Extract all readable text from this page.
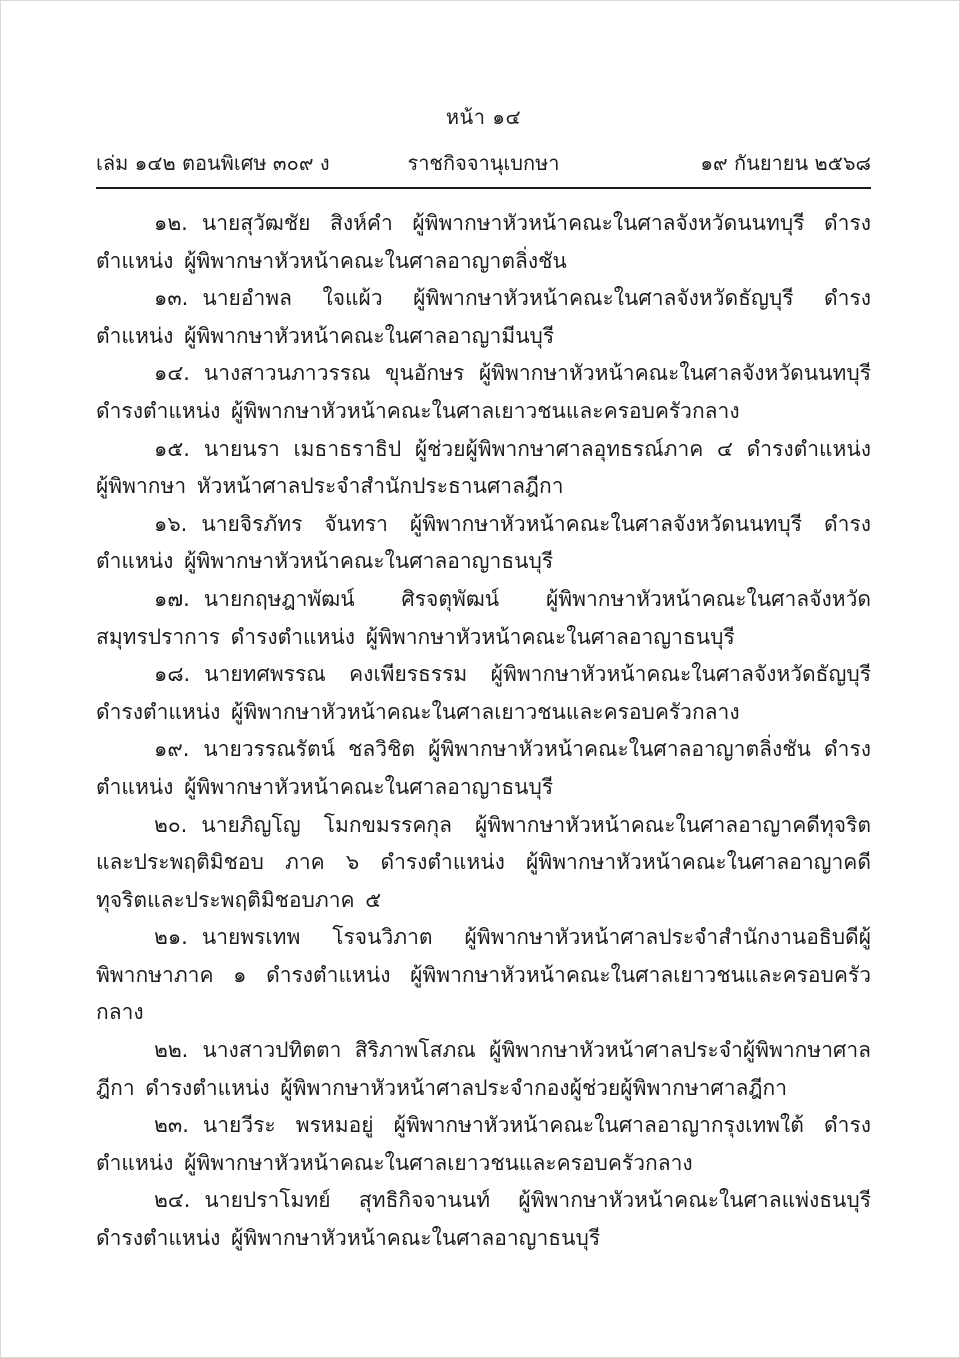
หน้า ๑๔
เล่ม ๑๔๒ ตอนพิเศษ ๓๐๙ ง	ราชกิจจานุเบกษา	๑๙ กันยายน ๒๕๖๘

๑๒. นายสุวัฒชัย สิงห์คำ ผู้พิพากษาหัวหน้าคณะในศาลจังหวัดนนทบุรี ดำรงตำแหน่ง ผู้พิพากษาหัวหน้าคณะในศาลอาญาตลิ่งชัน

๑๓. นายอำพล ใจแผ้ว ผู้พิพากษาหัวหน้าคณะในศาลจังหวัดธัญบุรี ดำรงตำแหน่ง ผู้พิพากษาหัวหน้าคณะในศาลอาญามีนบุรี

๑๔. นางสาวนภาวรรณ ขุนอักษร ผู้พิพากษาหัวหน้าคณะในศาลจังหวัดนนทบุรี ดำรงตำแหน่ง ผู้พิพากษาหัวหน้าคณะในศาลเยาวชนและครอบครัวกลาง

๑๕. นายนรา เมธาธราธิป ผู้ช่วยผู้พิพากษาศาลอุทธรณ์ภาค ๔ ดำรงตำแหน่ง ผู้พิพากษา หัวหน้าศาลประจำสำนักประธานศาลฎีกา

๑๖. นายจิรภัทร จันทรา ผู้พิพากษาหัวหน้าคณะในศาลจังหวัดนนทบุรี ดำรงตำแหน่ง ผู้พิพากษาหัวหน้าคณะในศาลอาญาธนบุรี

๑๗. นายกฤษฎาพัฒน์ ศิรจตุพัฒน์ ผู้พิพากษาหัวหน้าคณะในศาลจังหวัดสมุทรปราการ ดำรงตำแหน่ง ผู้พิพากษาหัวหน้าคณะในศาลอาญาธนบุรี

๑๘. นายทศพรรณ คงเพียรธรรม ผู้พิพากษาหัวหน้าคณะในศาลจังหวัดธัญบุรี ดำรงตำแหน่ง ผู้พิพากษาหัวหน้าคณะในศาลเยาวชนและครอบครัวกลาง

๑๙. นายวรรณรัตน์ ชลวิชิต ผู้พิพากษาหัวหน้าคณะในศาลอาญาตลิ่งชัน ดำรงตำแหน่ง ผู้พิพากษาหัวหน้าคณะในศาลอาญาธนบุรี

๒๐. นายภิญโญ โมกขมรรคกุล ผู้พิพากษาหัวหน้าคณะในศาลอาญาคดีทุจริตและประพฤติมิชอบ ภาค ๖ ดำรงตำแหน่ง ผู้พิพากษาหัวหน้าคณะในศาลอาญาคดีทุจริตและประพฤติมิชอบภาค ๕

๒๑. นายพรเทพ โรจนวิภาต ผู้พิพากษาหัวหน้าศาลประจำสำนักงานอธิบดีผู้พิพากษาภาค ๑ ดำรงตำแหน่ง ผู้พิพากษาหัวหน้าคณะในศาลเยาวชนและครอบครัวกลาง

๒๒. นางสาวปทิตตา สิริภาพโสภณ ผู้พิพากษาหัวหน้าศาลประจำผู้พิพากษาศาลฎีกา ดำรงตำแหน่ง ผู้พิพากษาหัวหน้าศาลประจำกองผู้ช่วยผู้พิพากษาศาลฎีกา

๒๓. นายวีระ พรหมอยู่ ผู้พิพากษาหัวหน้าคณะในศาลอาญากรุงเทพใต้ ดำรงตำแหน่ง ผู้พิพากษาหัวหน้าคณะในศาลเยาวชนและครอบครัวกลาง

๒๔. นายปราโมทย์ สุทธิกิจจานนท์ ผู้พิพากษาหัวหน้าคณะในศาลแพ่งธนบุรี ดำรงตำแหน่ง ผู้พิพากษาหัวหน้าคณะในศาลอาญาธนบุรี
